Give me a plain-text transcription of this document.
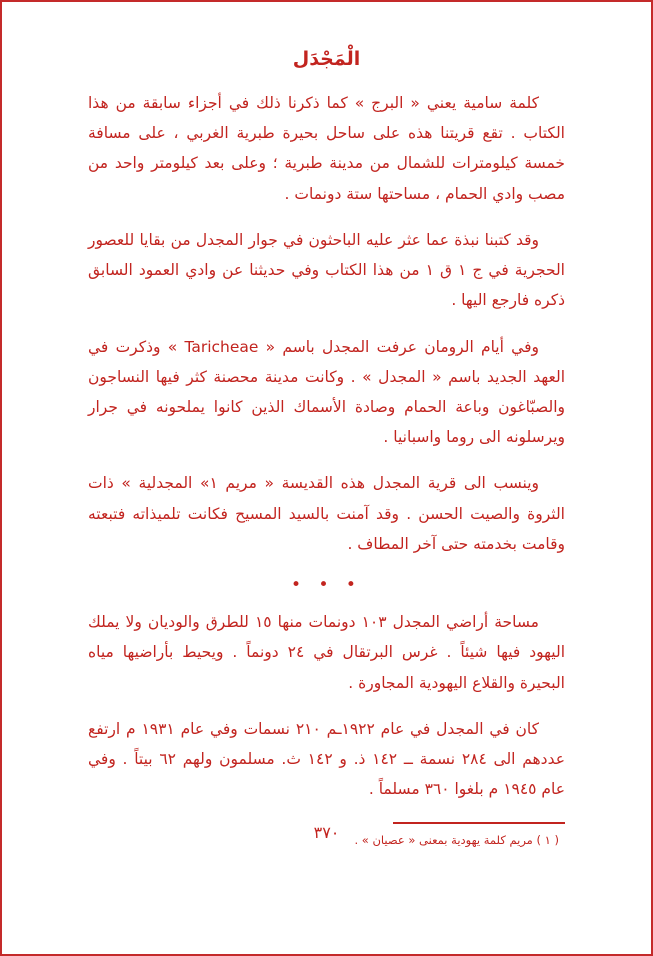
الْمَجْدَل

كلمة سامية يعني « البرج » كما ذكرنا ذلك في أجزاء سابقة من هذا الكتاب . تقع قريتنا هذه على ساحل بحيرة طبرية الغربي ، على مسافة خمسة كيلومترات للشمال من مدينة طبرية ؛ وعلى بعد كيلومتر واحد من مصب وادي الحمام ، مساحتها ستة دونمات .

وقد كتبنا نبذة عما عثر عليه الباحثون في جوار المجدل من بقايا للعصور الحجرية في ج ١ ق ١ من هذا الكتاب وفي حديثنا عن وادي العمود السابق ذكره فارجع اليها .

وفي أيام الرومان عرفت المجدل باسم « Taricheae » وذكرت في العهد الجديد باسم « المجدل » . وكانت مدينة محصنة كثر فيها النساجون والصبّاغون وباعة الحمام وصادة الأسماك الذين كانوا يملحونه في جرار ويرسلونه الى روما واسبانيا .

وينسب الى قرية المجدل هذه القديسة « مريم ١» المجدلية » ذات الثروة والصيت الحسن . وقد آمنت بالسيد المسيح فكانت تلميذاته فتبعته وقامت بخدمته حتى آخر المطاف .

• • •

مساحة أراضي المجدل ١٠٣ دونمات منها ١٥ للطرق والوديان ولا يملك اليهود فيها شيئاً . غرس البرتقال في ٢٤ دونماً . ويحيط بأراضيها مياه البحيرة والقلاع اليهودية المجاورة .

كان في المجدل في عام ١٩٢٢ـم ٢١٠ نسمات وفي عام ١٩٣١ م ارتفع عددهم الى ٢٨٤ نسمة ــ ١٤٢ ذ. و ١٤٢ ث. مسلمون ولهم ٦٢ بيتاً . وفي عام ١٩٤٥ م بلغوا ٣٦٠ مسلماً .

( ١ ) مريم كلمة يهودية بمعنى « عصيان » .

٣٧٠
